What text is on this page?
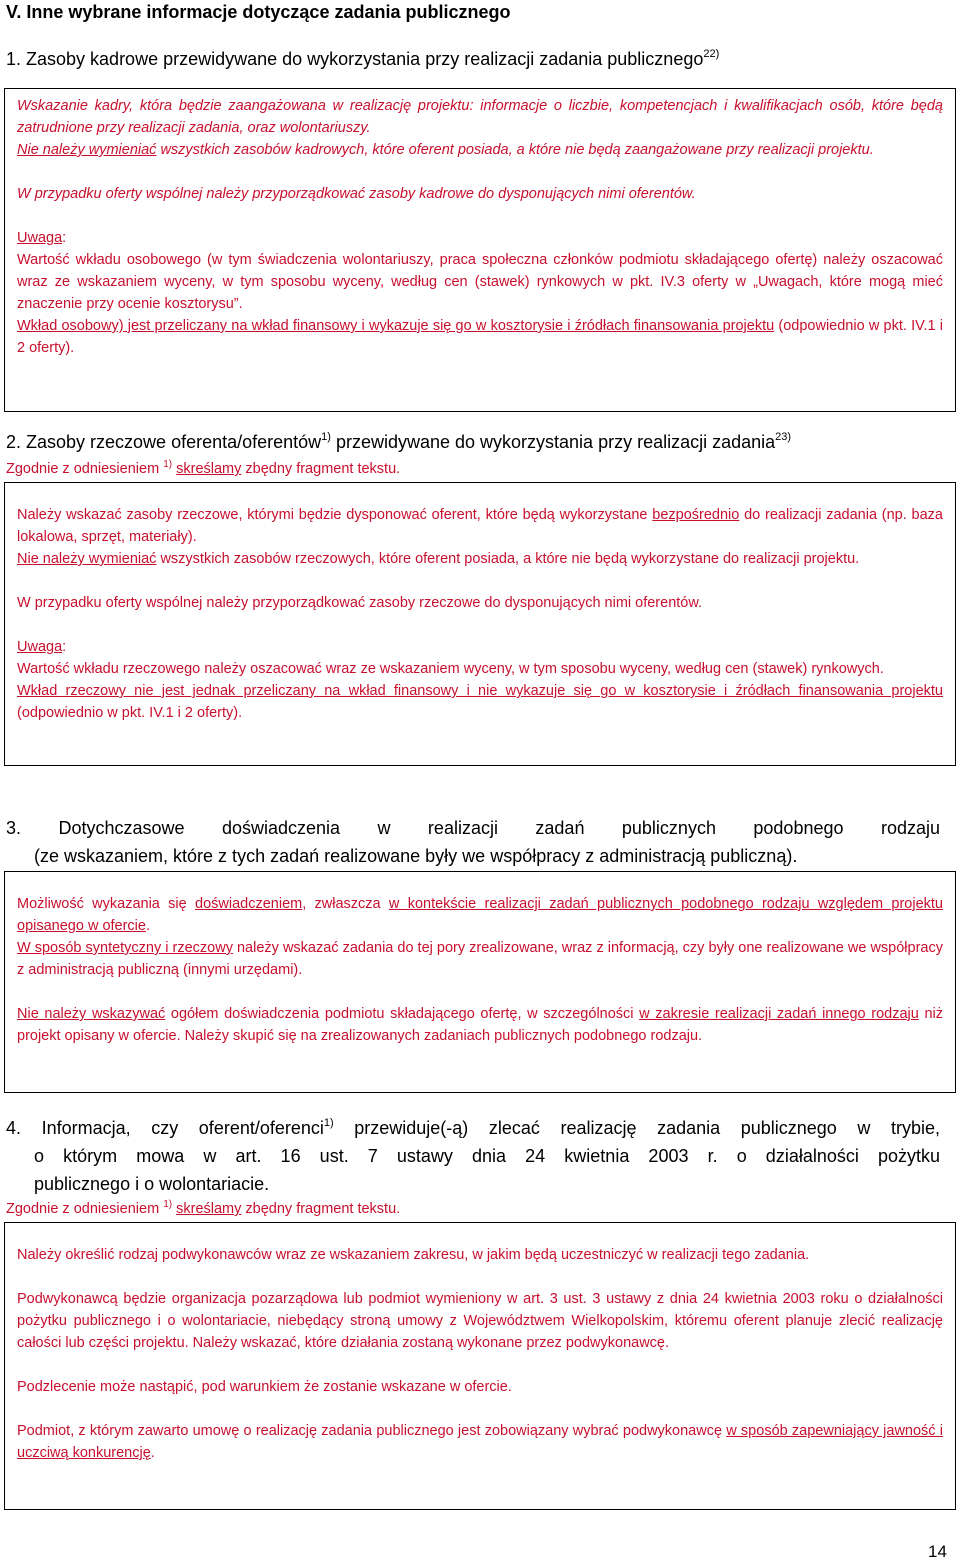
V. Inne wybrane informacje dotyczące zadania publicznego
1. Zasoby kadrowe przewidywane do wykorzystania przy realizacji zadania publicznego$^{22)}$

Wskazanie kadry, która będzie zaangażowana w realizację projektu: informacje o liczbie, kompetencjach i kwalifikacjach osób, które będą zatrudnione przy realizacji zadania, oraz wolontariuszy.

Nie należy wymieniać wszystkich zasobów kadrowych, które oferent posiada, a które nie będą zaangażowane przy realizacji projektu.

W przypadku oferty wspólnej należy przyporządkować zasoby kadrowe do dysponujących nimi oferentów.

Uwaga:

Wartość wkładu osobowego (w tym świadczenia wolontariuszy, praca społeczna członków podmiotu składającego ofertę) należy oszacować wraz ze wskazaniem wyceny, w tym sposobu wyceny, według cen (stawek) rynkowych w pkt. IV.3 oferty w „Uwagach, które mogą mieć znaczenie przy ocenie kosztorysu”.

Wkład osobowy) jest przeliczany na wkład finansowy i wykazuje się go w kosztorysie i źródłach finansowania projektu (odpowiednio w pkt. IV.1 i 2 oferty).

2. Zasoby rzeczowe oferenta/oferentów$^{1)}$ przewidywane do wykorzystania przy realizacji zadania$^{23)}$
Zgodnie z odniesieniem $^{1)}$ skreślamy zbędny fragment tekstu.

Należy wskazać zasoby rzeczowe, którymi będzie dysponować oferent, które będą wykorzystane bezpośrednio do realizacji zadania (np. baza lokalowa, sprzęt, materiały).

Nie należy wymieniać wszystkich zasobów rzeczowych, które oferent posiada, a które nie będą wykorzystane do realizacji projektu.

W przypadku oferty wspólnej należy przyporządkować zasoby rzeczowe do dysponujących nimi oferentów.

Uwaga:

Wartość wkładu rzeczowego należy oszacować wraz ze wskazaniem wyceny, w tym sposobu wyceny, według cen (stawek) rynkowych.

Wkład rzeczowy nie jest jednak przeliczany na wkład finansowy i nie wykazuje się go w kosztorysie i źródłach finansowania projektu (odpowiednio w pkt. IV.1 i 2 oferty).

3. Dotychczasowe doświadczenia w realizacji zadań publicznych podobnego rodzaju
(ze wskazaniem, które z tych zadań realizowane były we współpracy z administracją publiczną).

Możliwość wykazania się doświadczeniem, zwłaszcza w kontekście realizacji zadań publicznych podobnego rodzaju względem projektu opisanego w ofercie.

W sposób syntetyczny i rzeczowy należy wskazać zadania do tej pory zrealizowane, wraz z informacją, czy były one realizowane we współpracy z administracją publiczną (innymi urzędami).

Nie należy wskazywać ogółem doświadczenia podmiotu składającego ofertę, w szczególności w zakresie realizacji zadań innego rodzaju niż projekt opisany w ofercie. Należy skupić się na zrealizowanych zadaniach publicznych podobnego rodzaju.

4. Informacja, czy oferent/oferenci$^{1)}$ przewiduje(-ą) zlecać realizację zadania publicznego w trybie,
o którym mowa w art. 16 ust. 7 ustawy dnia 24 kwietnia 2003 r. o działalności pożytku
publicznego i o wolontariacie.
Zgodnie z odniesieniem $^{1)}$ skreślamy zbędny fragment tekstu.

Należy określić rodzaj podwykonawców wraz ze wskazaniem zakresu, w jakim będą uczestniczyć w realizacji tego zadania.

Podwykonawcą będzie organizacja pozarządowa lub podmiot wymieniony w art. 3 ust. 3 ustawy z dnia 24 kwietnia 2003 roku o działalności pożytku publicznego i o wolontariacie, niebędący stroną umowy z Województwem Wielkopolskim, któremu oferent planuje zlecić realizację całości lub części projektu. Należy wskazać, które działania zostaną wykonane przez podwykonawcę.

Podzlecenie może nastąpić, pod warunkiem że zostanie wskazane w ofercie.

Podmiot, z którym zawarto umowę o realizację zadania publicznego jest zobowiązany wybrać podwykonawcę w sposób zapewniający jawność i uczciwą konkurencję.

14
